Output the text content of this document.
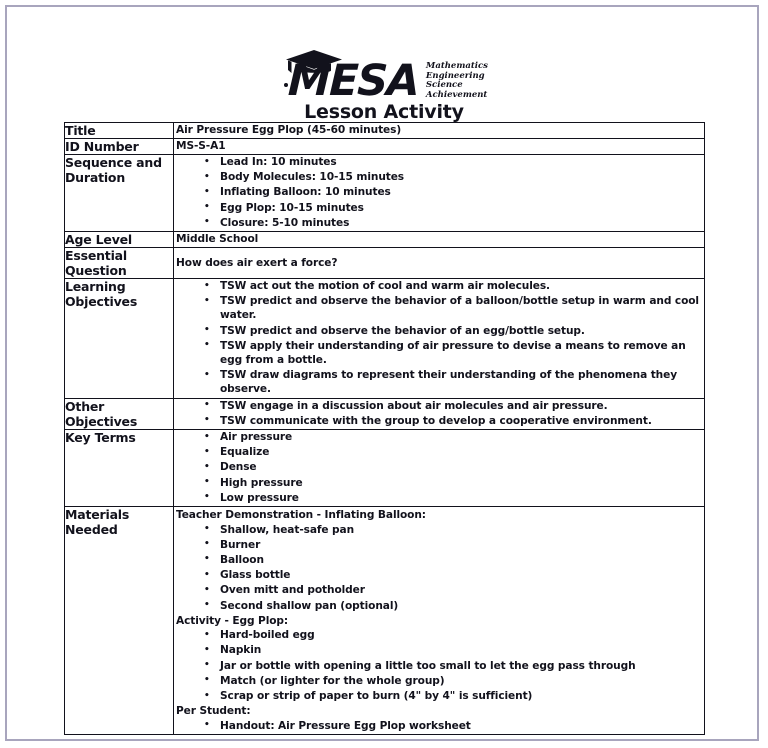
MESA Mathematics
Engineering
Science
Achievement
Lesson Activity
Title	Air Pressure Egg Plop (45-60 minutes)

ID Number	MS-S-A1

Sequence and
Duration

• Lead In: 10 minutes
• Body Molecules: 10-15 minutes
• Inflating Balloon: 10 minutes
• Egg Plop: 10-15 minutes
• Closure: 5-10 minutes

Age Level	Middle School

Essential
Question	How does air exert a force?

Learning
Objectives

• TSW act out the motion of cool and warm air molecules.
• TSW predict and observe the behavior of a balloon/bottle setup in warm and cool water.
• TSW predict and observe the behavior of an egg/bottle setup.
• TSW apply their understanding of air pressure to devise a means to remove an egg from a bottle.
• TSW draw diagrams to represent their understanding of the phenomena they observe.

Other
Objectives

• TSW engage in a discussion about air molecules and air pressure.
• TSW communicate with the group to develop a cooperative environment.

Key Terms	
•Air pressure
• Equalize
• Dense
• High pressure
• Low pressure

Materials
Needed

Teacher Demonstration - Inflating Balloon:
• Shallow, heat-safe pan
• Burner
• Balloon
• Glass bottle
• Oven mitt and potholder
• Second shallow pan (optional)
Activity - Egg Plop:
• Hard-boiled egg
• Napkin
• Jar or bottle with opening a little too small to let the egg pass through
• Match (or lighter for the whole group)
• Scrap or strip of paper to burn (4" by 4" is sufficient)
Per Student:
• Handout: Air Pressure Egg Plop worksheet
